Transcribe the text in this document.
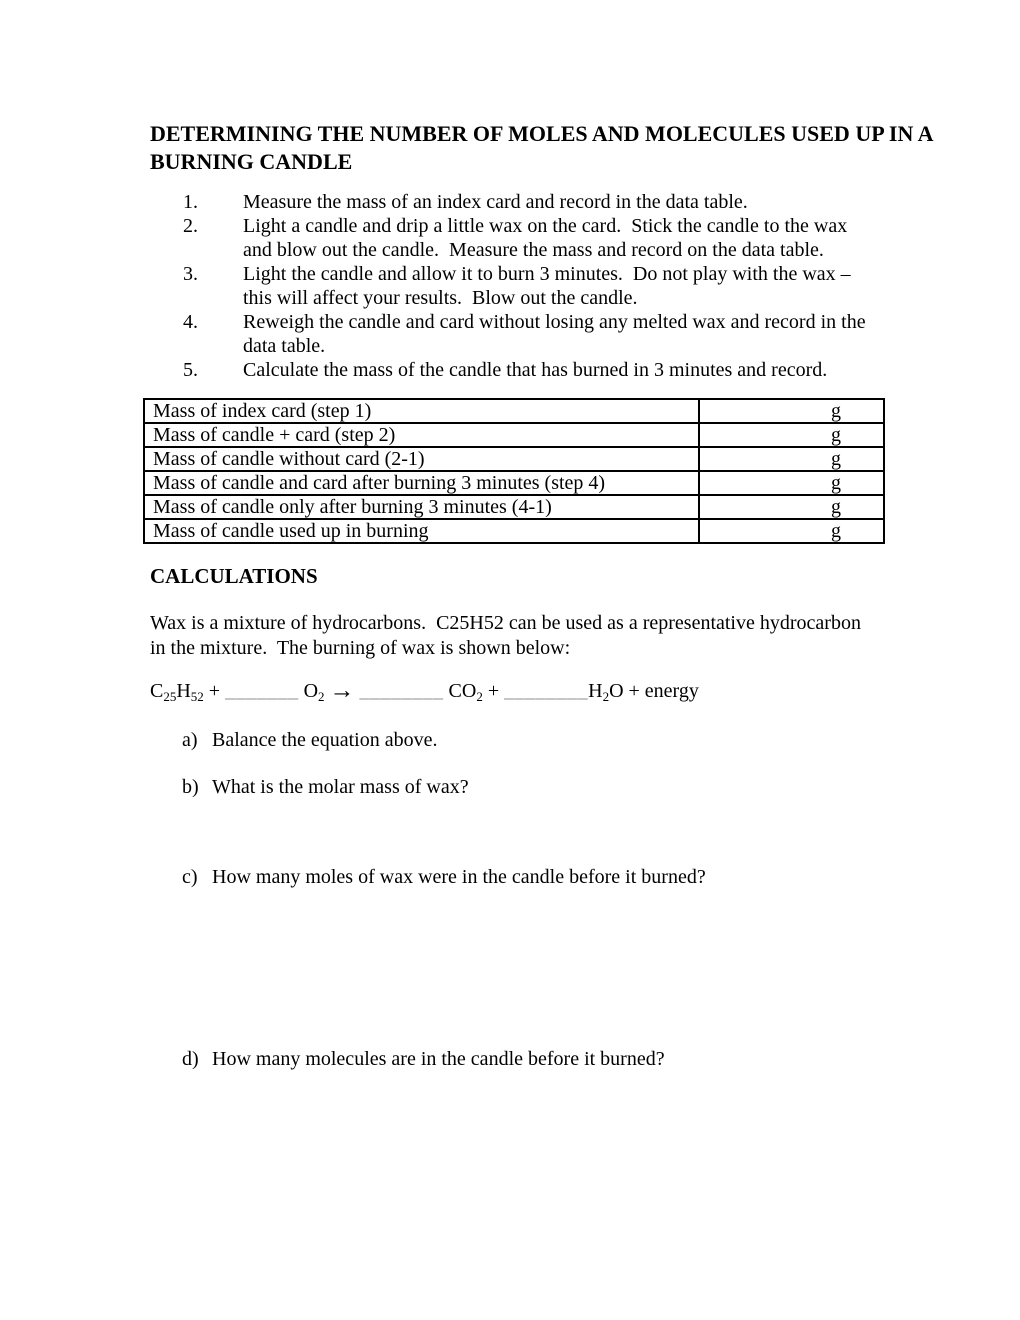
DETERMINING THE NUMBER OF MOLES AND MOLECULES USED UP IN A
BURNING CANDLE
1.	Measure the mass of an index card and record in the data table.
2.	Light a candle and drip a little wax on the card.  Stick the candle to the wax
and blow out the candle.  Measure the mass and record on the data table.
3.	Light the candle and allow it to burn 3 minutes.  Do not play with the wax –
this will affect your results.  Blow out the candle.
4.	Reweigh the candle and card without losing any melted wax and record in the
data table.
5.	Calculate the mass of the candle that has burned in 3 minutes and record.
Mass of index card (step 1)	g
Mass of candle + card (step 2)	g
Mass of candle without card (2-1)	g
Mass of candle and card after burning 3 minutes (step 4)	g
Mass of candle only after burning 3 minutes (4-1)	g
Mass of candle used up in burning	g
CALCULATIONS
Wax is a mixture of hydrocarbons.  C25H52 can be used as a representative hydrocarbon
in the mixture.  The burning of wax is shown below:
$C_{25}H_{52}$ + _______ $O_2$ → ________ $CO_2$ + $\_\_\_\_\_\_\_\_H_2O$ + energy
a) Balance the equation above.
b) What is the molar mass of wax?
c) How many moles of wax were in the candle before it burned?
d) How many molecules are in the candle before it burned?
